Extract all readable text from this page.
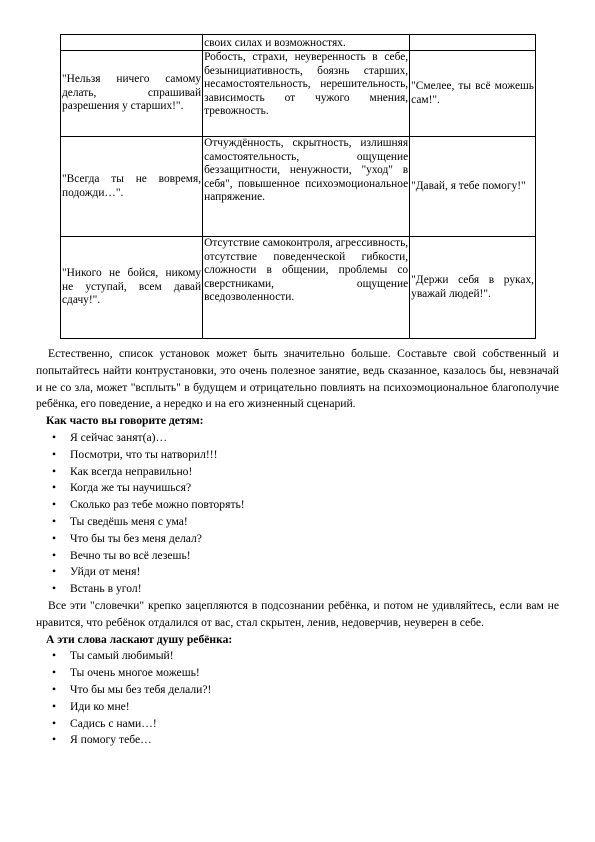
	своих силах и возможностях.	
"Нельзя ничего самому делать, спрашивай разрешения у старших!".	Робость, страхи, неуверенность в себе, безынициативность, боязнь старших, несамостоятельность, нерешительность, зависимость от чужого мнения, тревожность.	"Смелее, ты всё можешь сам!".
"Всегда ты не вовремя, подожди…".	Отчуждённость, скрытность, излишняя самостоятельность, ощущение беззащитности, ненужности, "уход" в себя", повышенное психоэмоциональное напряжение.	"Давай, я тебе помогу!"
"Никого не бойся, никому не уступай, всем давай сдачу!".	Отсутствие самоконтроля, агрессивность, отсутствие поведенческой гибкости, сложности в общении, проблемы со сверстниками, ощущение вседозволенности.	"Держи себя в руках, уважай людей!".

Естественно, список установок может быть значительно больше. Составьте свой собственный и попытайтесь найти контрустановки, это очень полезное занятие, ведь сказанное, казалось бы, невзначай и не со зла, может "всплыть" в будущем и отрицательно повлиять на психоэмоциональное благополучие ребёнка, его поведение, а нередко и на его жизненный сценарий.

Как часто вы говорите детям:

• Я сейчас занят(а)…
• Посмотри, что ты натворил!!!
• Как всегда неправильно!
• Когда же ты научишься?
• Сколько раз тебе можно повторять!
• Ты сведёшь меня с ума!
• Что бы ты без меня делал?
• Вечно ты во всё лезешь!
• Уйди от меня!
• Встань в угол!

Все эти "словечки" крепко зацепляются в подсознании ребёнка, и потом не удивляйтесь, если вам не нравится, что ребёнок отдалился от вас, стал скрытен, ленив, недоверчив, неуверен в себе.

А эти слова ласкают душу ребёнка:

• Ты самый любимый!
• Ты очень многое можешь!
• Что бы мы без тебя делали?!
• Иди ко мне!
• Садись с нами…!
• Я помогу тебе…
